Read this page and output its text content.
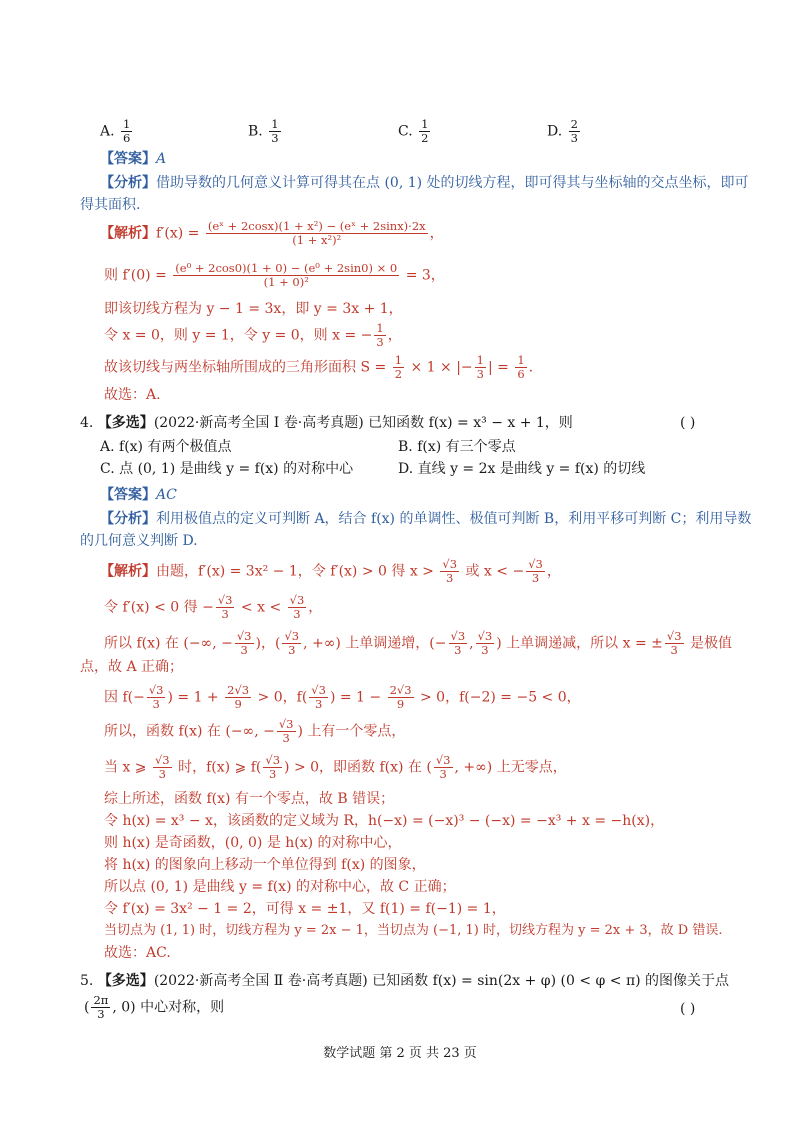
A. $\frac{1}{6}$	B. $\frac{1}{3}$	C. $\frac{1}{2}$	D. $\frac{2}{3}$
【答案】A
【分析】借助导数的几何意义计算可得其在点 (0, 1) 处的切线方程，即可得其与坐标轴的交点坐标，即可
得其面积.
【解析】$f'(x) = \frac{\text{(eˣ + 2cosx)(1 + x²) − (eˣ + 2sinx)·2x}}{\text{(1 + x²)²}}$ ，
则 $f'(0) = \frac{\text{(e⁰ + 2cos0)(1 + 0) − (e⁰ + 2sin0) × 0}}{\text{(1 + 0)²}} = 3$，
即该切线方程为 y − 1 = 3x，即 y = 3x + 1，
令 x = 0，则 y = 1，令 y = 0，则 x = − $\frac{1}{3}$ ，
故该切线与两坐标轴所围成的三角形面积 $S = \frac{1}{2} \times 1$ × |− $\frac{1}{3}$ | = $\frac{1}{6}$ .
故选：A.
4. 【多选】(2022·新高考全国 Ⅰ 卷·高考真题) 已知函数 f(x) = x³ − x + 1，则	( )
A. f(x) 有两个极值点	B. f(x) 有三个零点
C. 点 (0, 1) 是曲线 y = f(x) 的对称中心	D. 直线 y = 2x 是曲线 y = f(x) 的切线
【答案】AC
【分析】利用极值点的定义可判断 A，结合 f(x) 的单调性、极值可判断 B，利用平移可判断 C；利用导数
的几何意义判断 D.
【解析】由题，f′(x) = 3x² − 1，令 f′(x) > 0 得 $x > \frac{√3}{3}$ 或 x < − $\frac{√3}{3}$ ，
令 f′(x) < 0 得 − $\frac{√3}{3} < x < \frac{√3}{3}$ ，
所以 f(x) 在 (−∞, − $\frac{√3}{3}$ )，( $\frac{√3}{3}$ , +∞) 上单调递增，(− $\frac{√3}{3}$ , $\frac{√3}{3}$ ) 上单调递减，所以 x = ± $\frac{√3}{3}$ 是极值
点，故 A 正确；
因 $f(- \frac{√3}{3}$ ) = $1 + \frac{2√3}{9} > 0$，$f( \frac{√3}{3}$ ) = $1 - \frac{2√3}{9} > 0$，f(−2) = −5 < 0，
所以，函数 f(x) 在 (−∞, − $\frac{√3}{3}$ ) 上有一个零点，
当 x ⩾ $\frac{√3}{3}$ 时，f(x) ⩾ $f( \frac{√3}{3}$ ) > 0，即函数 f(x) 在 ( $\frac{√3}{3}$ , +∞) 上无零点，
综上所述，函数 f(x) 有一个零点，故 B 错误；
令 h(x) = x³ − x，该函数的定义域为 R，h(−x) = (−x)³ − (−x) = −x³ + x = −h(x)，
则 h(x) 是奇函数，(0, 0) 是 h(x) 的对称中心，
将 h(x) 的图象向上移动一个单位得到 f(x) 的图象，
所以点 (0, 1) 是曲线 y = f(x) 的对称中心，故 C 正确；
令 f′(x) = 3x² − 1 = 2，可得 x = ±1，又 f(1) = f(−1) = 1，
当切点为 (1, 1) 时，切线方程为 y = 2x − 1，当切点为 (−1, 1) 时，切线方程为 y = 2x + 3，故 D 错误.
故选：AC.
5. 【多选】(2022·新高考全国 Ⅱ 卷·高考真题) 已知函数 f(x) = sin(2x + φ) (0 < φ < π) 的图像关于点
( $\frac{2\pi}{3}$ , 0) 中心对称，则	( )
数学试题 第 2 页 共 23 页
